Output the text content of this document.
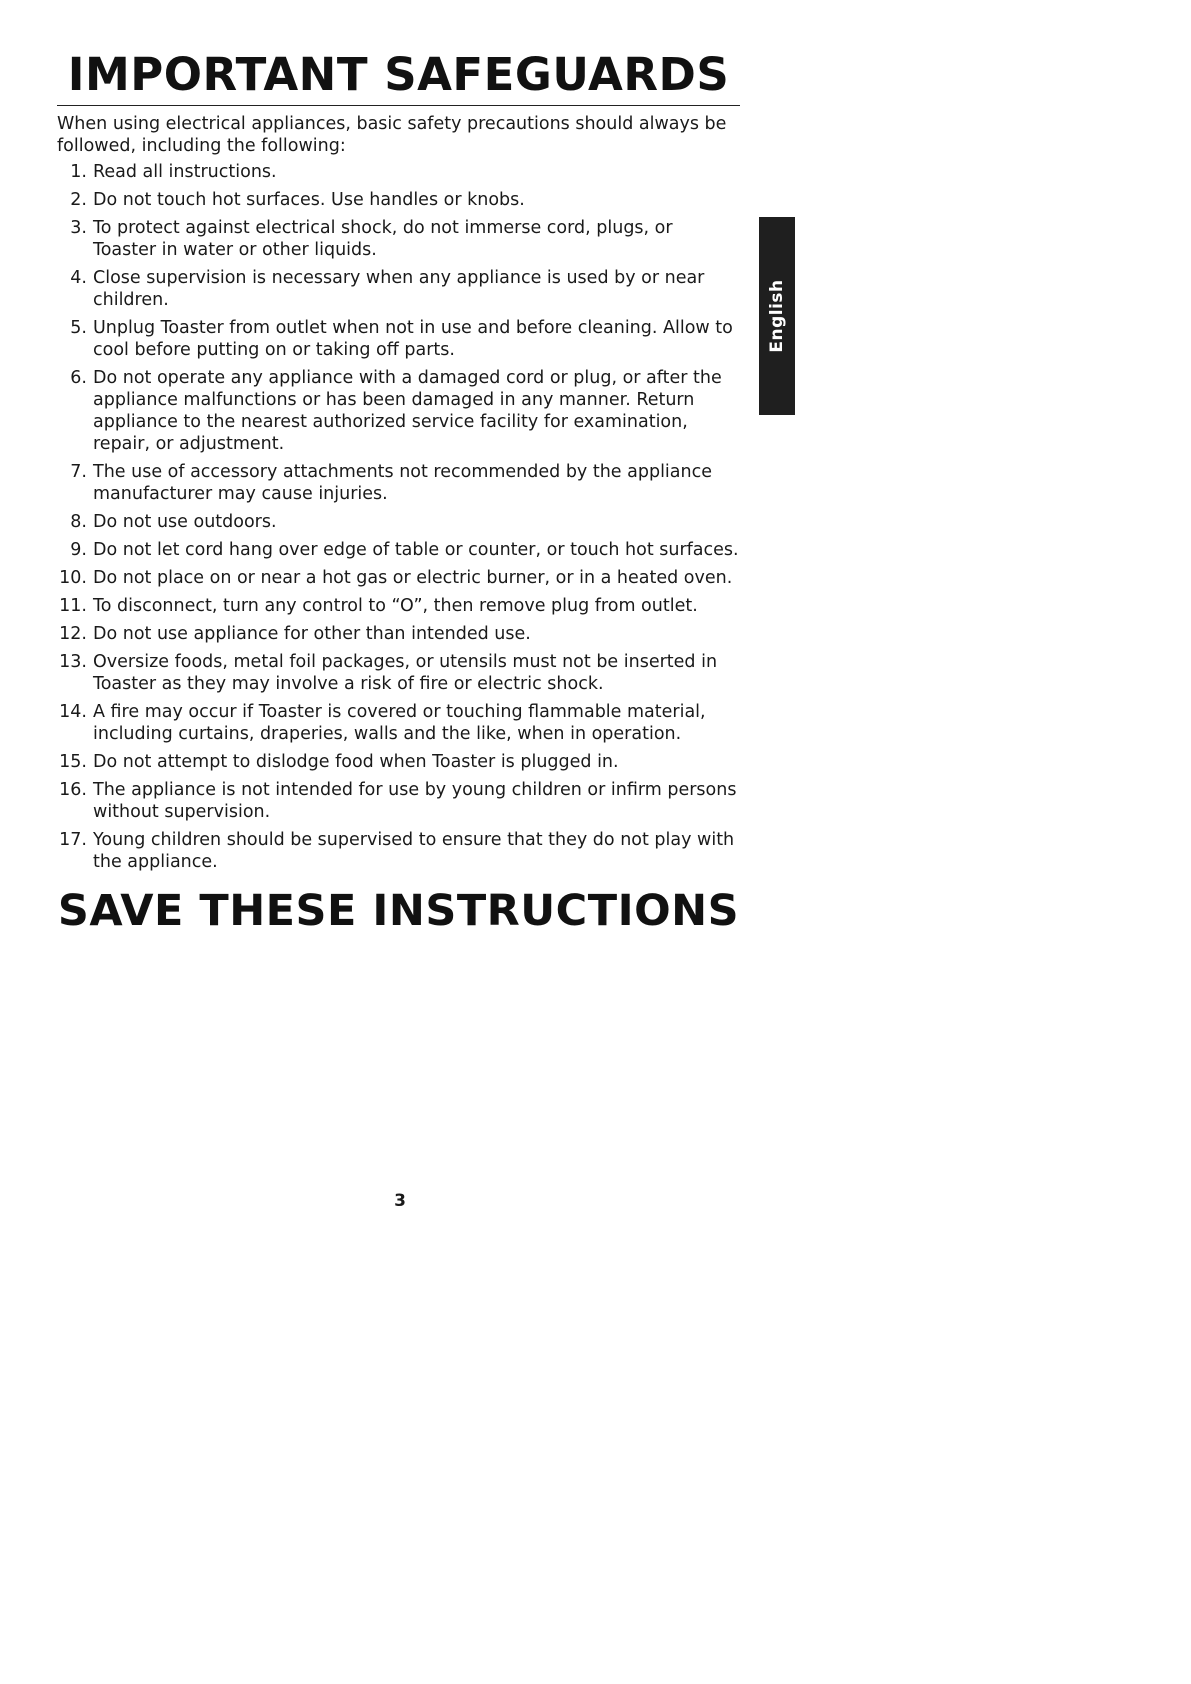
IMPORTANT SAFEGUARDS

When using electrical appliances, basic safety precautions should always be followed, including the following:

1. Read all instructions.
2. Do not touch hot surfaces. Use handles or knobs.
3. To protect against electrical shock, do not immerse cord, plugs, or Toaster in water or other liquids.
4. Close supervision is necessary when any appliance is used by or near children.
5. Unplug Toaster from outlet when not in use and before cleaning. Allow to cool before putting on or taking off parts.
6. Do not operate any appliance with a damaged cord or plug, or after the appliance malfunctions or has been damaged in any manner. Return appliance to the nearest authorized service facility for examination, repair, or adjustment.
7. The use of accessory attachments not recommended by the appliance manufacturer may cause injuries.
8. Do not use outdoors.
9. Do not let cord hang over edge of table or counter, or touch hot surfaces.
10. Do not place on or near a hot gas or electric burner, or in a heated oven.
11. To disconnect, turn any control to “O”, then remove plug from outlet.
12. Do not use appliance for other than intended use.
13. Oversize foods, metal foil packages, or utensils must not be inserted in Toaster as they may involve a risk of fire or electric shock.
14. A fire may occur if Toaster is covered or touching flammable material, including curtains, draperies, walls and the like, when in operation.
15. Do not attempt to dislodge food when Toaster is plugged in.
16. The appliance is not intended for use by young children or infirm persons without supervision.
17. Young children should be supervised to ensure that they do not play with the appliance.
SAVE THESE INSTRUCTIONS
3
English
